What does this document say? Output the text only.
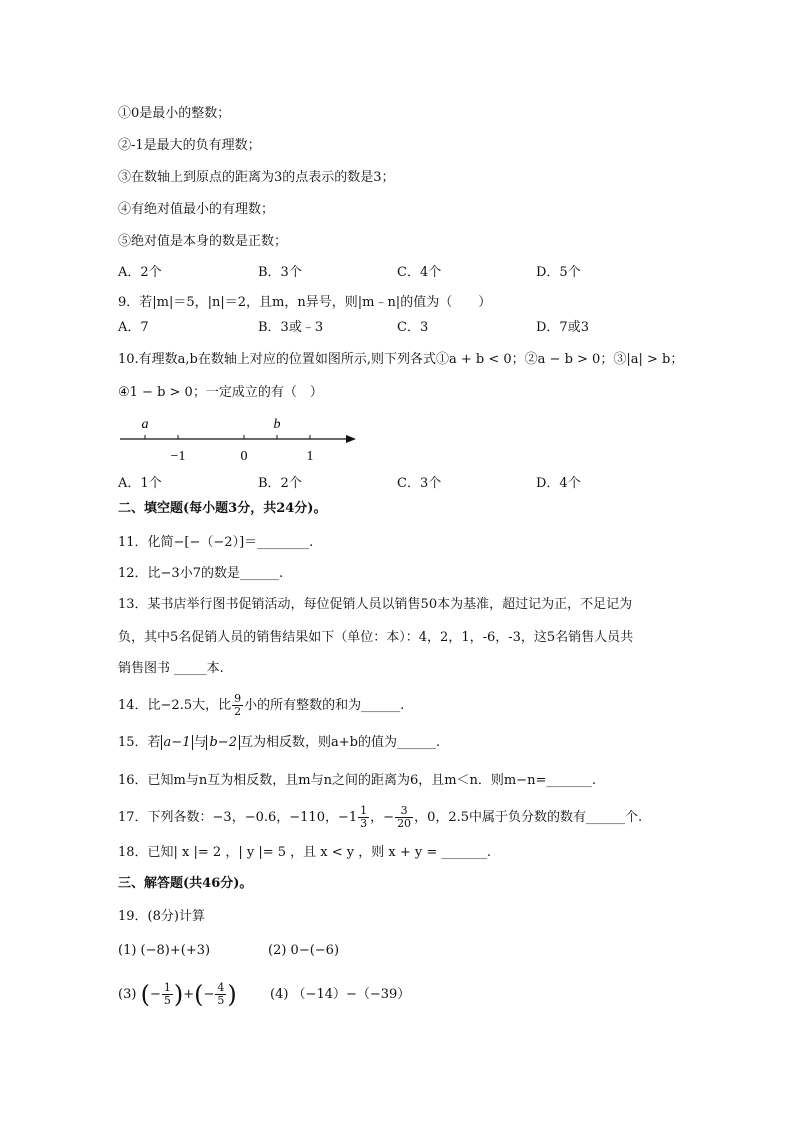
①0是最小的整数；
②-1是最大的负有理数；
③在数轴上到原点的距离为3的点表示的数是3；
④有绝对值最小的有理数；
⑤绝对值是本身的数是正数；
A．2个	B．3个	C．4个	D．5个
9．若|m|＝5，|n|＝2，且m，n异号，则|m﹣n|的值为（　　）
A．7	B．3或﹣3	C．3	D．7或3
10.有理数a,b在数轴上对应的位置如图所示,则下列各式①a + b < 0；②a − b > 0；③|a| > b；
④1 − b > 0；一定成立的有（　）
a	b
−1	0	1
A．1个	B．2个	C．3个	D．4个
二、填空题(每小题3分，共24分)。
11．化简−[−（−2）]＝________.
12．比−3小7的数是______.
13．某书店举行图书促销活动，每位促销人员以销售50本为基准，超过记为正，不足记为
负，其中5名促销人员的销售结果如下（单位：本）：4，2，1，-6，-3，这5名销售人员共
销售图书 _____本.
14．比−2.5大，比 $\frac{9}{2}$ 小的所有整数的和为______.
15．若 a−1 与 b−2 互为相反数，则a+b的值为______.
16．已知m与n互为相反数，且m与n之间的距离为6，且m＜n．则m−n=_______.
17．下列各数：−3，−0.6，−110，$-1 \frac{1}{3}$ ，− $\frac{3}{20}$ ，0，2.5中属于负分数的数有______个.
18．已知| x |= 2 ，| y |= 5 ，且 x < y ，则 x + y = _______.
三、解答题(共46分)。
19．(8分)计算
(1) (−8)+(+3)	(2) 0−(−6)
(3) (− $\frac{1}{5}$ )+(− $\frac{4}{5}$ )	(4) （−14）−（−39）
